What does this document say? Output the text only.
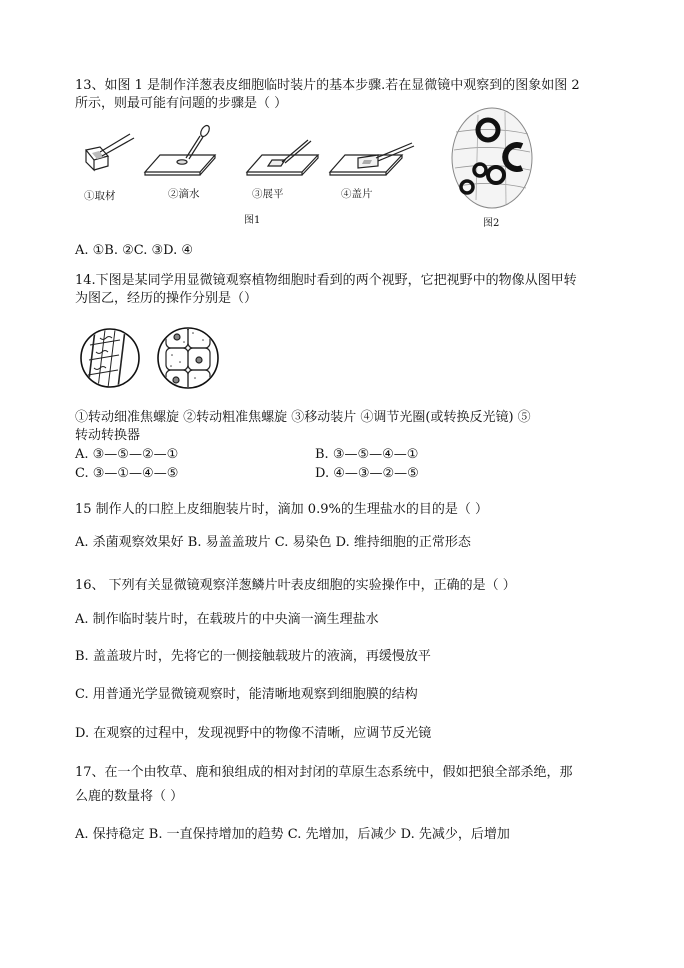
13、如图 1 是制作洋葱表皮细胞临时装片的基本步骤.若在显微镜中观察到的图象如图 2
所示，则最可能有问题的步骤是（ ）
①取材	②滴水	③展平	④盖片
图1	图2
A. ①B. ②C. ③D. ④
14.下图是某同学用显微镜观察植物细胞时看到的两个视野，它把视野中的物像从图甲转
为图乙，经历的操作分别是（）
①转动细准焦螺旋 ②转动粗准焦螺旋 ③移动装片 ④调节光圈(或转换反光镜) ⑤
转动转换器
A. ③—⑤—②—①	B. ③—⑤—④—①
C. ③—①—④—⑤	D. ④—③—②—⑤
15 制作人的口腔上皮细胞装片时，滴加 0.9%的生理盐水的目的是（ ）
A. 杀菌观察效果好 B. 易盖盖玻片 C. 易染色 D. 维持细胞的正常形态
16、 下列有关显微镜观察洋葱鳞片叶表皮细胞的实验操作中，正确的是（ ）
A. 制作临时装片时，在载玻片的中央滴一滴生理盐水
B. 盖盖玻片时，先将它的一侧接触载玻片的液滴，再缓慢放平
C. 用普通光学显微镜观察时，能清晰地观察到细胞膜的结构
D. 在观察的过程中，发现视野中的物像不清晰，应调节反光镜
17、在一个由牧草、鹿和狼组成的相对封闭的草原生态系统中，假如把狼全部杀绝，那
么鹿的数量将（ ）
A. 保持稳定 B. 一直保持增加的趋势 C. 先增加，后减少 D. 先减少，后增加
